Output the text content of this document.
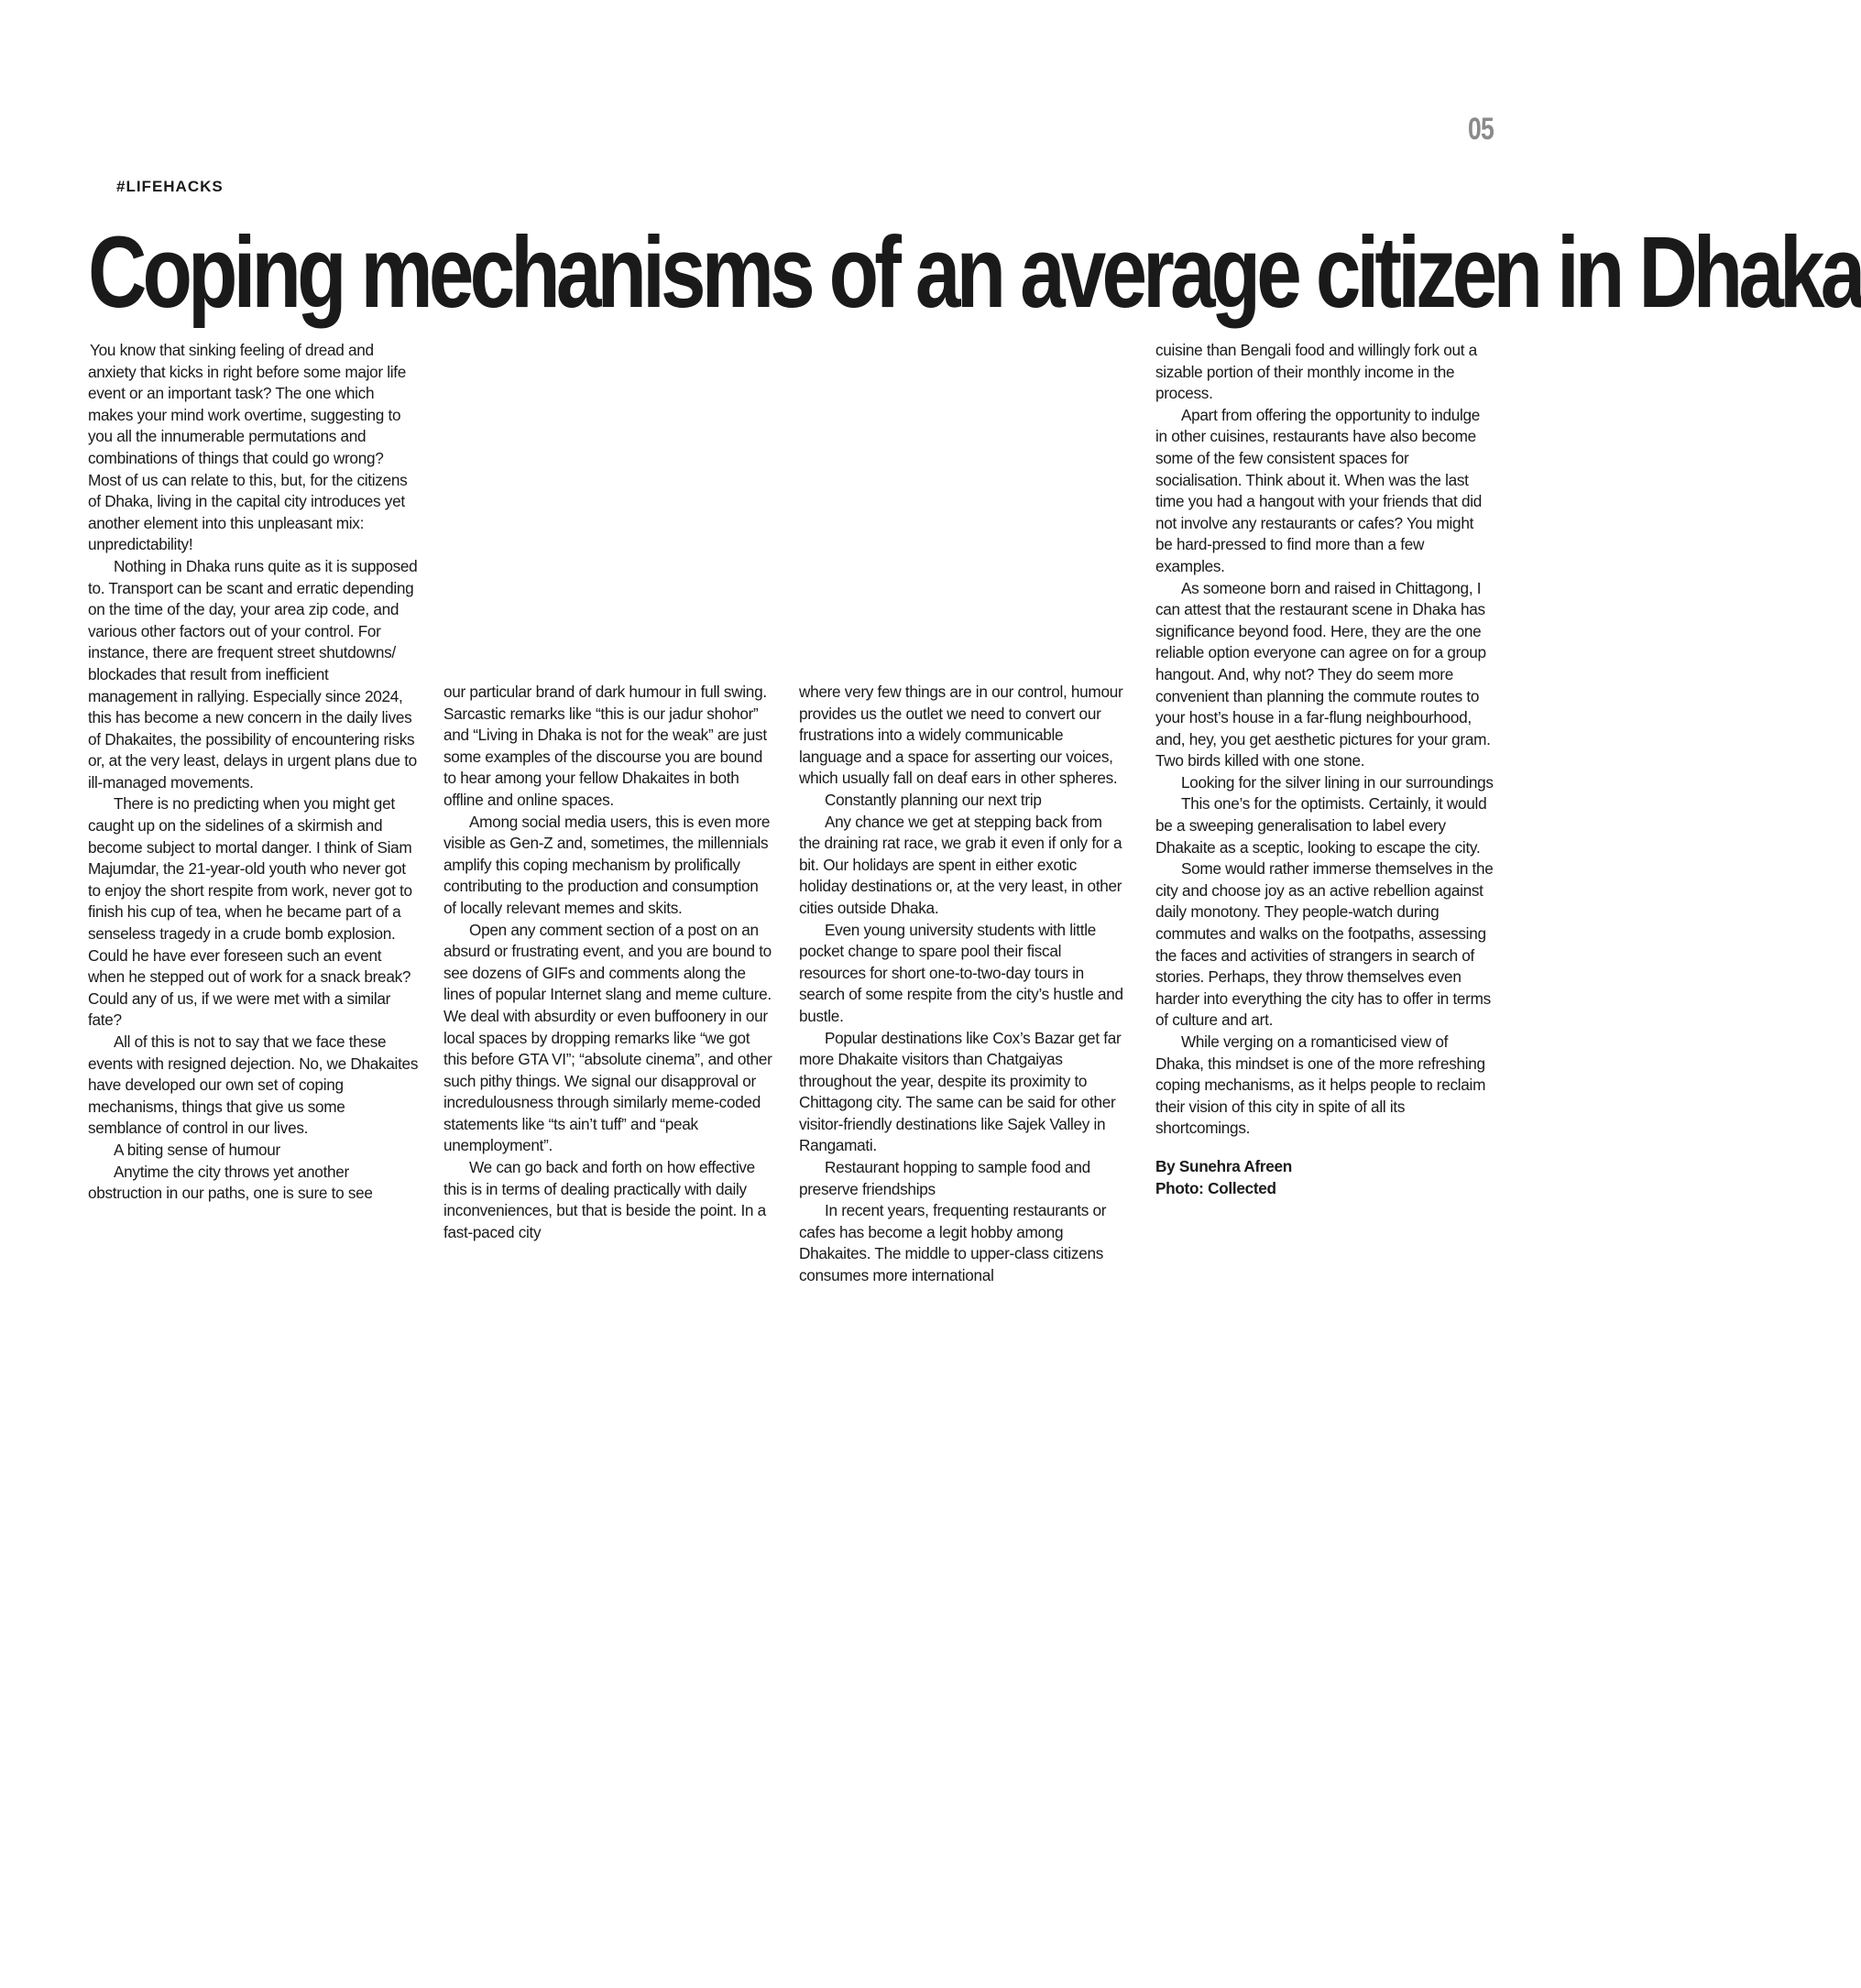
05
#LIFEHACKS
Coping mechanisms of an average citizen in Dhaka

You know that sinking feeling of dread and anxiety that kicks in right before some major life event or an important task? The one which makes your mind work overtime, suggesting to you all the innumerable permutations and combinations of things that could go wrong? Most of us can relate to this, but, for the citizens of Dhaka, living in the capital city introduces yet another element into this unpleasant mix: unpredictability!

Nothing in Dhaka runs quite as it is supposed to. Transport can be scant and erratic depending on the time of the day, your area zip code, and various other factors out of your control. For instance, there are frequent street shutdowns/ blockades that result from inefficient management in rallying. Especially since 2024, this has become a new concern in the daily lives of Dhakaites, the possibility of encountering risks or, at the very least, delays in urgent plans due to ill-managed movements.

There is no predicting when you might get caught up on the sidelines of a skirmish and become subject to mortal danger. I think of Siam Majumdar, the 21-year-old youth who never got to enjoy the short respite from work, never got to finish his cup of tea, when he became part of a senseless tragedy in a crude bomb explosion. Could he have ever foreseen such an event when he stepped out of work for a snack break? Could any of us, if we were met with a similar fate?

All of this is not to say that we face these events with resigned dejection. No, we Dhakaites have developed our own set of coping mechanisms, things that give us some semblance of control in our lives.

A biting sense of humour

Anytime the city throws yet another obstruction in our paths, one is sure to see

our particular brand of dark humour in full swing. Sarcastic remarks like “this is our jadur shohor” and “Living in Dhaka is not for the weak” are just some examples of the discourse you are bound to hear among your fellow Dhakaites in both offline and online spaces.

Among social media users, this is even more visible as Gen-Z and, sometimes, the millennials amplify this coping mechanism by prolifically contributing to the production and consumption of locally relevant memes and skits.

Open any comment section of a post on an absurd or frustrating event, and you are bound to see dozens of GIFs and comments along the lines of popular Internet slang and meme culture. We deal with absurdity or even buffoonery in our local spaces by dropping remarks like “we got this before GTA VI”; “absolute cinema”, and other such pithy things. We signal our disapproval or incredulousness through similarly meme-coded statements like “ts ain’t tuff” and “peak unemployment”.

We can go back and forth on how effective this is in terms of dealing practically with daily inconveniences, but that is beside the point. In a fast-paced city

where very few things are in our control, humour provides us the outlet we need to convert our frustrations into a widely communicable language and a space for asserting our voices, which usually fall on deaf ears in other spheres.

Constantly planning our next trip

Any chance we get at stepping back from the draining rat race, we grab it even if only for a bit. Our holidays are spent in either exotic holiday destinations or, at the very least, in other cities outside Dhaka.

Even young university students with little pocket change to spare pool their fiscal resources for short one-to-two-day tours in search of some respite from the city’s hustle and bustle.

Popular destinations like Cox’s Bazar get far more Dhakaite visitors than Chatgaiyas throughout the year, despite its proximity to Chittagong city. The same can be said for other visitor-friendly destinations like Sajek Valley in Rangamati.

Restaurant hopping to sample food and preserve friendships

In recent years, frequenting restaurants or cafes has become a legit hobby among Dhakaites. The middle to upper-class citizens consumes more international

cuisine than Bengali food and willingly fork out a sizable portion of their monthly income in the process.

Apart from offering the opportunity to indulge in other cuisines, restaurants have also become some of the few consistent spaces for socialisation. Think about it. When was the last time you had a hangout with your friends that did not involve any restaurants or cafes? You might be hard-pressed to find more than a few examples.

As someone born and raised in Chittagong, I can attest that the restaurant scene in Dhaka has significance beyond food. Here, they are the one reliable option everyone can agree on for a group hangout. And, why not? They do seem more convenient than planning the commute routes to your host’s house in a far-flung neighbourhood, and, hey, you get aesthetic pictures for your gram. Two birds killed with one stone.

Looking for the silver lining in our surroundings

This one’s for the optimists. Certainly, it would be a sweeping generalisation to label every Dhakaite as a sceptic, looking to escape the city.

Some would rather immerse themselves in the city and choose joy as an active rebellion against daily monotony. They people-watch during commutes and walks on the footpaths, assessing the faces and activities of strangers in search of stories. Perhaps, they throw themselves even harder into everything the city has to offer in terms of culture and art.

While verging on a romanticised view of Dhaka, this mindset is one of the more refreshing coping mechanisms, as it helps people to reclaim their vision of this city in spite of all its shortcomings.

By Sunehra Afreen
Photo: Collected
